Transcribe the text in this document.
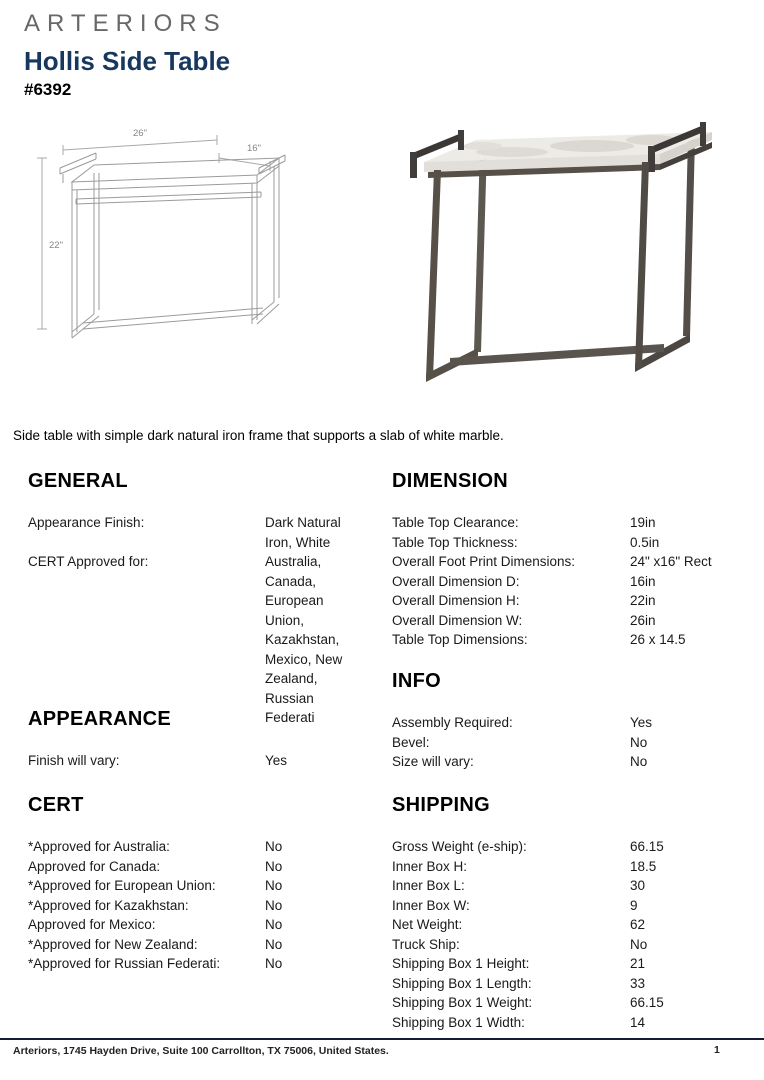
ARTERIORS
Hollis Side Table
#6392
26"
16"
22"
Side table with simple dark natural iron frame that supports a slab of white marble.
GENERAL
Appearance Finish:	Dark Natural Iron, White
CERT Approved for:	Australia, Canada, European Union, Kazakhstan, Mexico, New Zealand, Russian Federati
DIMENSION
Table Top Clearance:	19in
Table Top Thickness:	0.5in
Overall Foot Print Dimensions:	24" x16" Rect
Overall Dimension D:	16in
Overall Dimension H:	22in
Overall Dimension W:	26in
Table Top Dimensions:	26 x 14.5
APPEARANCE
Finish will vary:	Yes
INFO
Assembly Required:	Yes
Bevel:	No
Size will vary:	No
CERT
*Approved for Australia:	No
Approved for Canada:	No
*Approved for European Union:	No
*Approved for Kazakhstan:	No
Approved for Mexico:	No
*Approved for New Zealand:	No
*Approved for Russian Federati:	No
SHIPPING
Gross Weight (e-ship):	66.15
Inner Box H:	18.5
Inner Box L:	30
Inner Box W:	9
Net Weight:	62
Truck Ship:	No
Shipping Box 1 Height:	21
Shipping Box 1 Length:	33
Shipping Box 1 Weight:	66.15
Shipping Box 1 Width:	14
Arteriors, 1745 Hayden Drive, Suite 100 Carrollton, TX 75006, United States.	1
